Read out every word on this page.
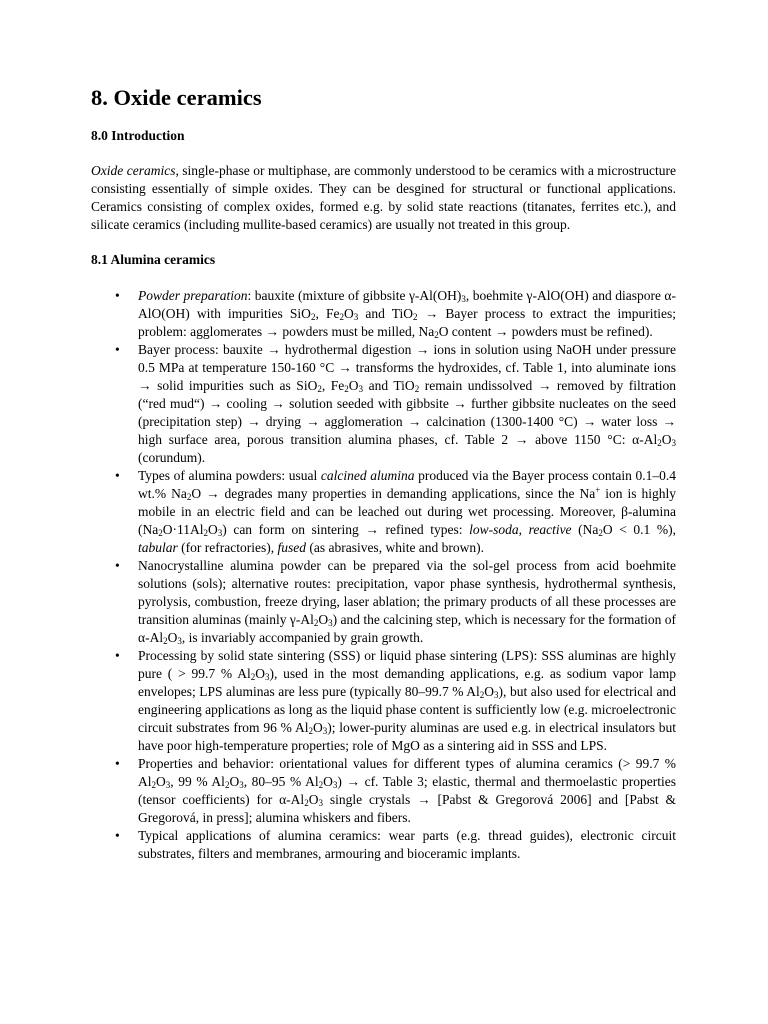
8. Oxide ceramics
8.0 Introduction

Oxide ceramics, single-phase or multiphase, are commonly understood to be ceramics with a microstructure consisting essentially of simple oxides. They can be desgined for structural or functional applications. Ceramics consisting of complex oxides, formed e.g. by solid state reactions (titanates, ferrites etc.), and silicate ceramics (including mullite-based ceramics) are usually not treated in this group.

8.1 Alumina ceramics
• Powder preparation: bauxite (mixture of gibbsite $\gamma-Al(OH)_3$, boehmite γ-AlO(OH) and diaspore α-AlO(OH) with impurities SiO$_2$, $Fe_2O_3$ and TiO$_2$ → Bayer process to extract the impurities; problem: agglomerates → powders must be milled, $Na_2O$ content → powders must be refined).
• Bayer process: bauxite → hydrothermal digestion → ions in solution using NaOH under pressure 0.5 MPa at temperature 150-160 °C → transforms the hydroxides, cf. Table 1, into aluminate ions → solid impurities such as SiO$_2$, $Fe_2O_3$ and TiO$_2$ remain undissolved → removed by filtration (“red mud“) → cooling → solution seeded with gibbsite → further gibbsite nucleates on the seed (precipitation step) → drying → agglomeration → calcination (1300-1400 °C) → water loss → high surface area, porous transition alumina phases, cf. Table 2 → above 1150 °C: $\alpha-Al_2O_3$ (corundum).
• Types of alumina powders: usual calcined alumina produced via the Bayer process contain 0.1–0.4 wt.% $Na_2O$ → degrades many properties in demanding applications, since the Na+ ion is highly mobile in an electric field and can be leached out during wet processing. Moreover, β-alumina $(Na_2O\cdot 11Al_2O_3)$ can form on sintering → refined types: low-soda, reactive ($Na_2O < 0.1$ %), tabular (for refractories), fused (as abrasives, white and brown).
• Nanocrystalline alumina powder can be prepared via the sol-gel process from acid boehmite solutions (sols); alternative routes: precipitation, vapor phase synthesis, hydrothermal synthesis, pyrolysis, combustion, freeze drying, laser ablation; the primary products of all these processes are transition aluminas (mainly $\gamma-Al_2O_3$) and the calcining step, which is necessary for the formation of $\alpha-Al_2O_3$, is invariably accompanied by grain growth.
• Processing by solid state sintering (SSS) or liquid phase sintering (LPS): SSS aluminas are highly pure ( > 99.7 % $Al_2O_3$), used in the most demanding applications, e.g. as sodium vapor lamp envelopes; LPS aluminas are less pure (typically 80–99.7 % $Al_2O_3$), but also used for electrical and engineering applications as long as the liquid phase content is sufficiently low (e.g. microelectronic circuit substrates from 96 % $Al_2O_3$); lower-purity aluminas are used e.g. in electrical insulators but have poor high-temperature properties; role of MgO as a sintering aid in SSS and LPS.
• Properties and behavior: orientational values for different types of alumina ceramics (> 99.7 % $Al_2O_3$, 99 % $Al_2O_3$, 80–95 % $Al_2O_3$) → cf. Table 3; elastic, thermal and thermoelastic properties (tensor coefficients) for $\alpha-Al_2O_3$ single crystals → [Pabst & Gregorová 2006] and [Pabst & Gregorová, in press]; alumina whiskers and fibers.
• Typical applications of alumina ceramics: wear parts (e.g. thread guides), electronic circuit substrates, filters and membranes, armouring and bioceramic implants.
